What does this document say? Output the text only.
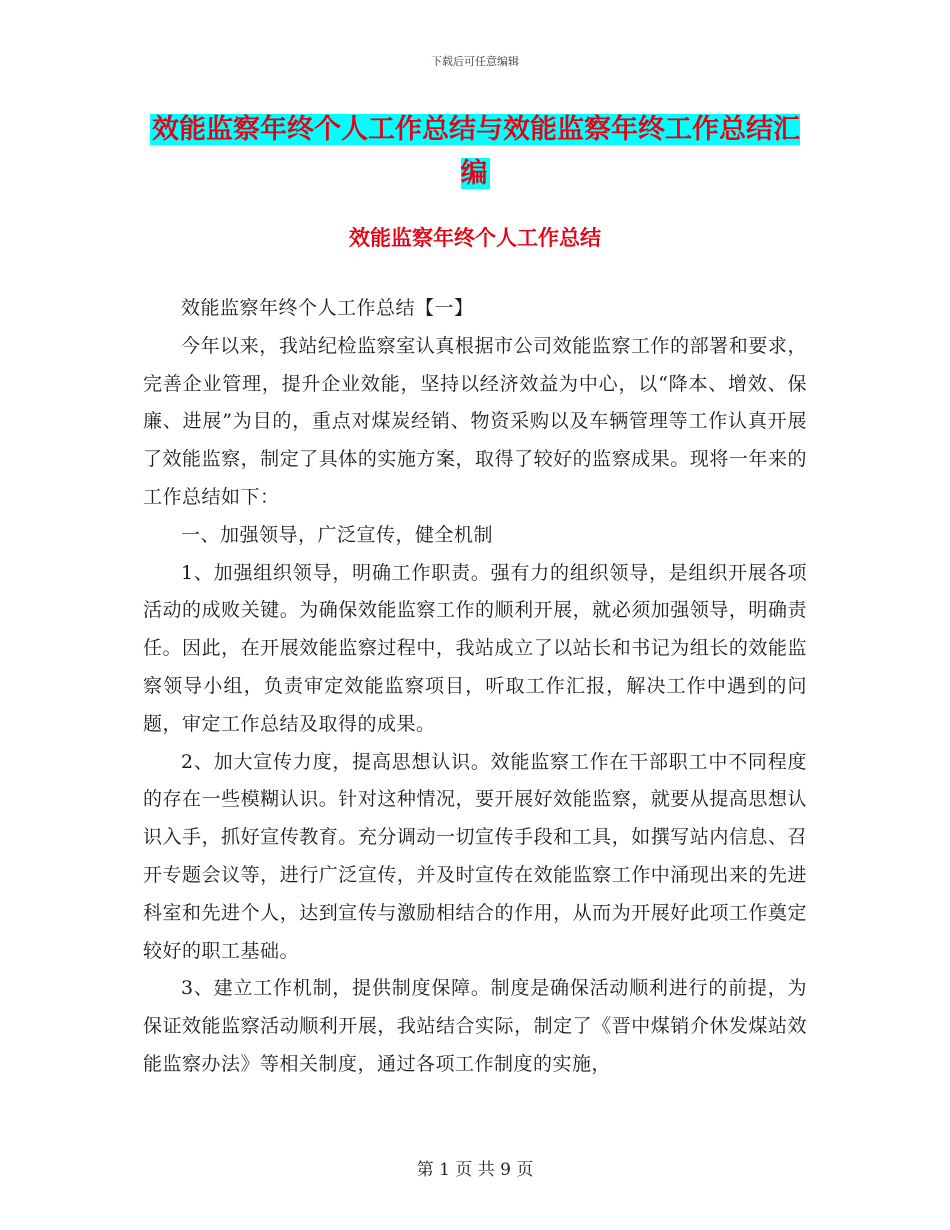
下载后可任意编辑
效能监察年终个人工作总结与效能监察年终工作总结汇编
效能监察年终个人工作总结

效能监察年终个人工作总结【一】

今年以来，我站纪检监察室认真根据市公司效能监察工作的部署和要求，完善企业管理，提升企业效能，坚持以经济效益为中心，以“降本、增效、保廉、进展”为目的，重点对煤炭经销、物资采购以及车辆管理等工作认真开展了效能监察，制定了具体的实施方案，取得了较好的监察成果。现将一年来的工作总结如下：

一、加强领导，广泛宣传，健全机制

1、加强组织领导，明确工作职责。强有力的组织领导，是组织开展各项活动的成败关键。为确保效能监察工作的顺利开展，就必须加强领导，明确责任。因此，在开展效能监察过程中，我站成立了以站长和书记为组长的效能监察领导小组，负责审定效能监察项目，听取工作汇报，解决工作中遇到的问题，审定工作总结及取得的成果。

2、加大宣传力度，提高思想认识。效能监察工作在干部职工中不同程度的存在一些模糊认识。针对这种情况，要开展好效能监察，就要从提高思想认识入手，抓好宣传教育。充分调动一切宣传手段和工具，如撰写站内信息、召开专题会议等，进行广泛宣传，并及时宣传在效能监察工作中涌现出来的先进科室和先进个人，达到宣传与激励相结合的作用，从而为开展好此项工作奠定较好的职工基础。

3、建立工作机制，提供制度保障。制度是确保活动顺利进行的前提，为保证效能监察活动顺利开展，我站结合实际，制定了《晋中煤销介休发煤站效能监察办法》等相关制度，通过各项工作制度的实施，

第 1 页 共 9 页
